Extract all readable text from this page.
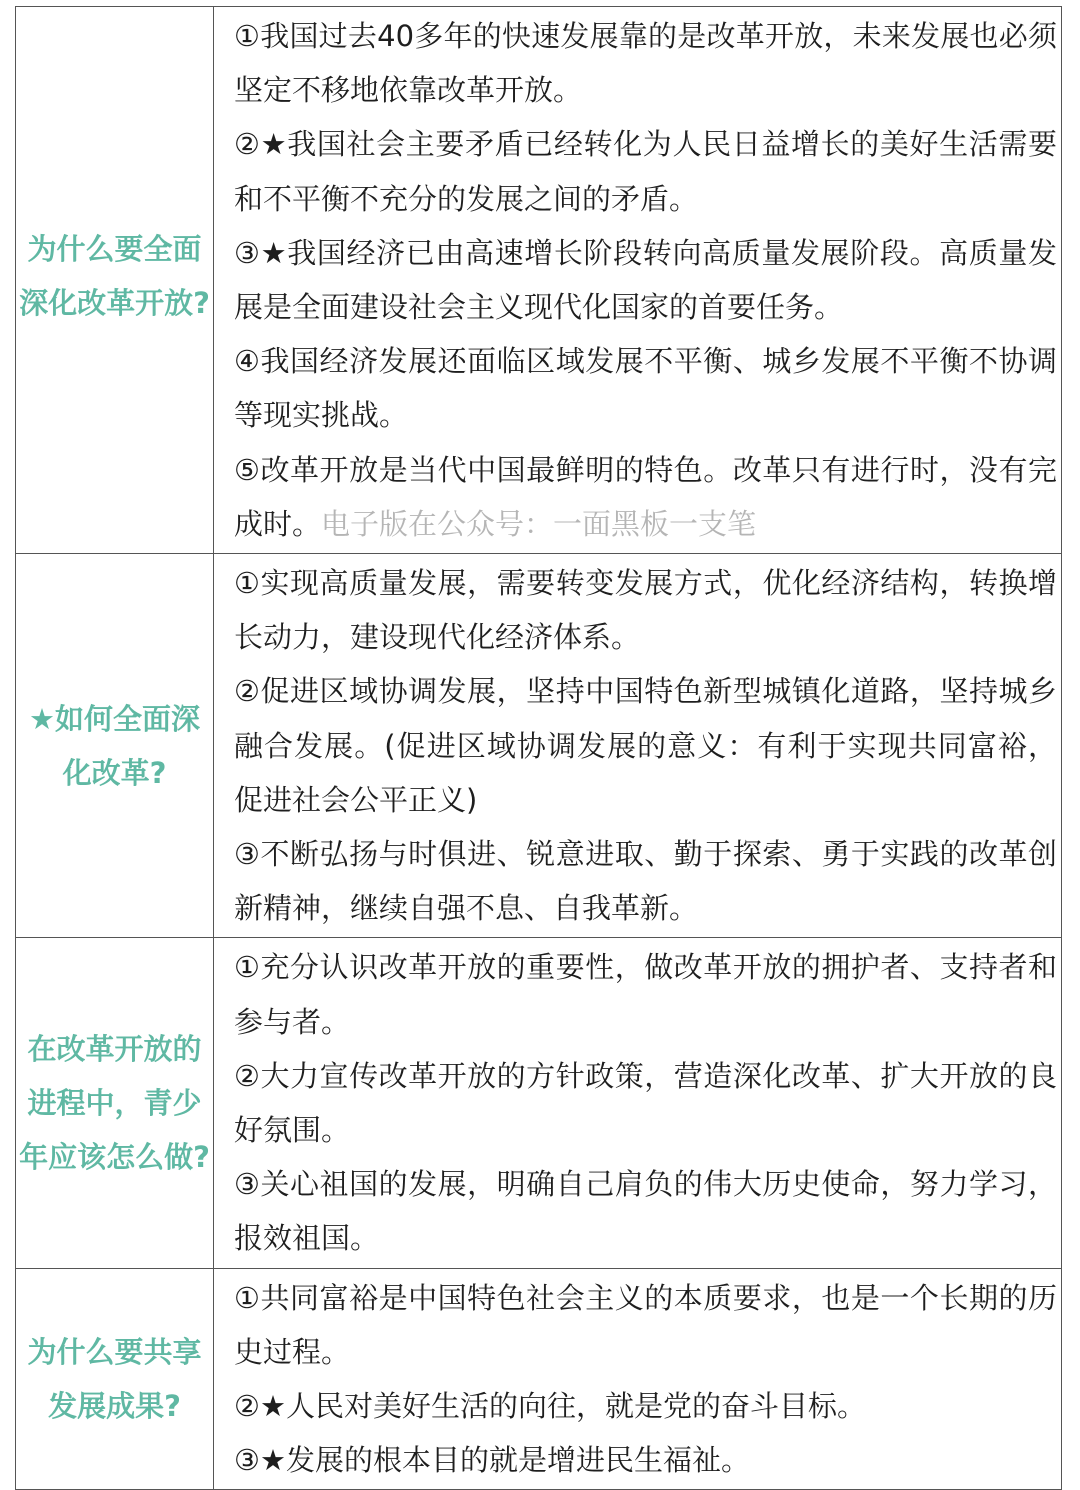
为什么要全面深化改革开放?	①我国过去40多年的快速发展靠的是改革开放，未来发展也必须坚定不移地依靠改革开放。
②★我国社会主要矛盾已经转化为人民日益增长的美好生活需要和不平衡不充分的发展之间的矛盾。
③★我国经济已由高速增长阶段转向高质量发展阶段。高质量发展是全面建设社会主义现代化国家的首要任务。
④我国经济发展还面临区域发展不平衡、城乡发展不平衡不协调等现实挑战。
⑤改革开放是当代中国最鲜明的特色。改革只有进行时，没有完成时。电子版在公众号：一面黑板一支笔

★如何全面深化改革?	①实现高质量发展，需要转变发展方式，优化经济结构，转换增长动力，建设现代化经济体系。
②促进区域协调发展，坚持中国特色新型城镇化道路，坚持城乡融合发展。(促进区域协调发展的意义：有利于实现共同富裕，促进社会公平正义)
③不断弘扬与时俱进、锐意进取、勤于探索、勇于实践的改革创新精神，继续自强不息、自我革新。

在改革开放的进程中，青少年应该怎么做?	①充分认识改革开放的重要性，做改革开放的拥护者、支持者和参与者。
②大力宣传改革开放的方针政策，营造深化改革、扩大开放的良好氛围。
③关心祖国的发展，明确自己肩负的伟大历史使命，努力学习，报效祖国。

为什么要共享发展成果?	①共同富裕是中国特色社会主义的本质要求，也是一个长期的历史过程。
②★人民对美好生活的向往，就是党的奋斗目标。
③★发展的根本目的就是增进民生福祉。
